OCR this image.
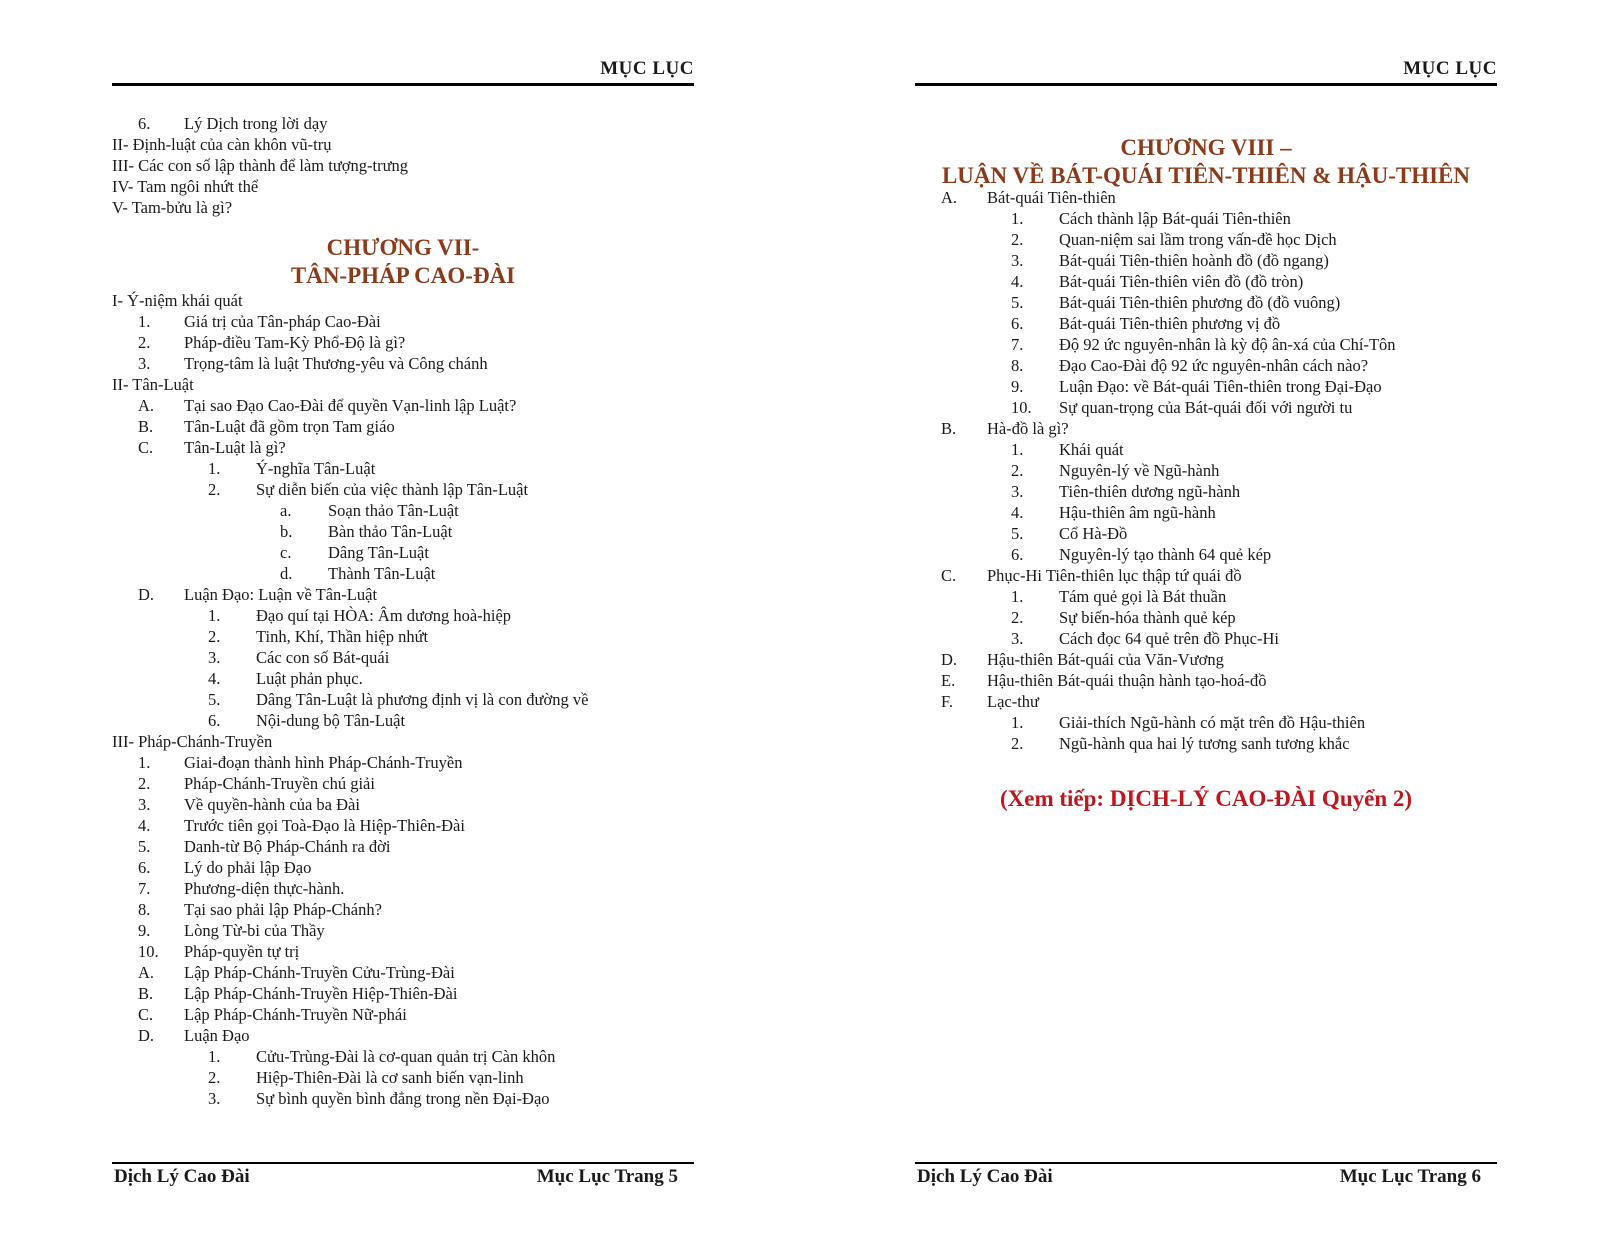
MỤC LỤC
6. Lý Dịch trong lời dạy
II- Định-luật của càn khôn vũ-trụ
III- Các con số lập thành để làm tượng-trưng
IV- Tam ngôi nhứt thể
V- Tam-bửu là gì?
CHƯƠNG VII-
TÂN-PHÁP CAO-ĐÀI
I- Ý-niệm khái quát
1. Giá trị của Tân-pháp Cao-Đài
2. Pháp-điều Tam-Kỳ Phổ-Độ là gì?
3. Trọng-tâm là luật Thương-yêu và Công chánh
II- Tân-Luật
A. Tại sao Đạo Cao-Đài để quyền Vạn-linh lập Luật?
B. Tân-Luật đã gồm trọn Tam giáo
C. Tân-Luật là gì?
1. Ý-nghĩa Tân-Luật
2. Sự diễn biến của việc thành lập Tân-Luật
a. Soạn thảo Tân-Luật
b. Bàn thảo Tân-Luật
c. Dâng Tân-Luật
d. Thành Tân-Luật
D. Luận Đạo: Luận về Tân-Luật
1. Đạo quí tại HÒA: Âm dương hoà-hiệp
2. Tinh, Khí, Thần hiệp nhứt
3. Các con số Bát-quái
4. Luật phản phục.
5. Dâng Tân-Luật là phương định vị là con đường về
6. Nội-dung bộ Tân-Luật
III- Pháp-Chánh-Truyền
1. Giai-đoạn thành hình Pháp-Chánh-Truyền
2. Pháp-Chánh-Truyền chú giải
3. Về quyền-hành của ba Đài
4. Trước tiên gọi Toà-Đạo là Hiệp-Thiên-Đài
5. Danh-từ Bộ Pháp-Chánh ra đời
6. Lý do phải lập Đạo
7. Phương-diện thực-hành.
8. Tại sao phải lập Pháp-Chánh?
9. Lòng Từ-bi của Thầy
10. Pháp-quyền tự trị
A. Lập Pháp-Chánh-Truyền Cửu-Trùng-Đài
B. Lập Pháp-Chánh-Truyền Hiệp-Thiên-Đài
C. Lập Pháp-Chánh-Truyền Nữ-phái
D. Luận Đạo
1. Cửu-Trùng-Đài là cơ-quan quản trị Càn khôn
2. Hiệp-Thiên-Đài là cơ sanh biến vạn-linh
3. Sự bình quyền bình đẳng trong nền Đại-Đạo
Dịch Lý Cao Đài	Mục Lục Trang 5
MỤC LỤC
CHƯƠNG VIII –
LUẬN VỀ BÁT-QUÁI TIÊN-THIÊN & HẬU-THIÊN
A. Bát-quái Tiên-thiên
1. Cách thành lập Bát-quái Tiên-thiên
2. Quan-niệm sai lầm trong vấn-đề học Dịch
3. Bát-quái Tiên-thiên hoành đồ (đồ ngang)
4. Bát-quái Tiên-thiên viên đồ (đồ tròn)
5. Bát-quái Tiên-thiên phương đồ (đồ vuông)
6. Bát-quái Tiên-thiên phương vị đồ
7. Độ 92 ức nguyên-nhân là kỳ độ ân-xá của Chí-Tôn
8. Đạo Cao-Đài độ 92 ức nguyên-nhân cách nào?
9. Luận Đạo: về Bát-quái Tiên-thiên trong Đại-Đạo
10. Sự quan-trọng của Bát-quái đối với người tu
B. Hà-đồ là gì?
1. Khái quát
2. Nguyên-lý về Ngũ-hành
3. Tiên-thiên dương ngũ-hành
4. Hậu-thiên âm ngũ-hành
5. Cổ Hà-Đồ
6. Nguyên-lý tạo thành 64 quẻ kép
C. Phục-Hi Tiên-thiên lục thập tứ quái đồ
1. Tám quẻ gọi là Bát thuần
2. Sự biến-hóa thành quẻ kép
3. Cách đọc 64 quẻ trên đồ Phục-Hi
D. Hậu-thiên Bát-quái của Văn-Vương
E. Hậu-thiên Bát-quái thuận hành tạo-hoá-đồ
F. Lạc-thư
1. Giải-thích Ngũ-hành có mặt trên đồ Hậu-thiên
2. Ngũ-hành qua hai lý tương sanh tương khắc
(Xem tiếp: DỊCH-LÝ CAO-ĐÀI Quyển 2)
Dịch Lý Cao Đài	Mục Lục Trang 6
